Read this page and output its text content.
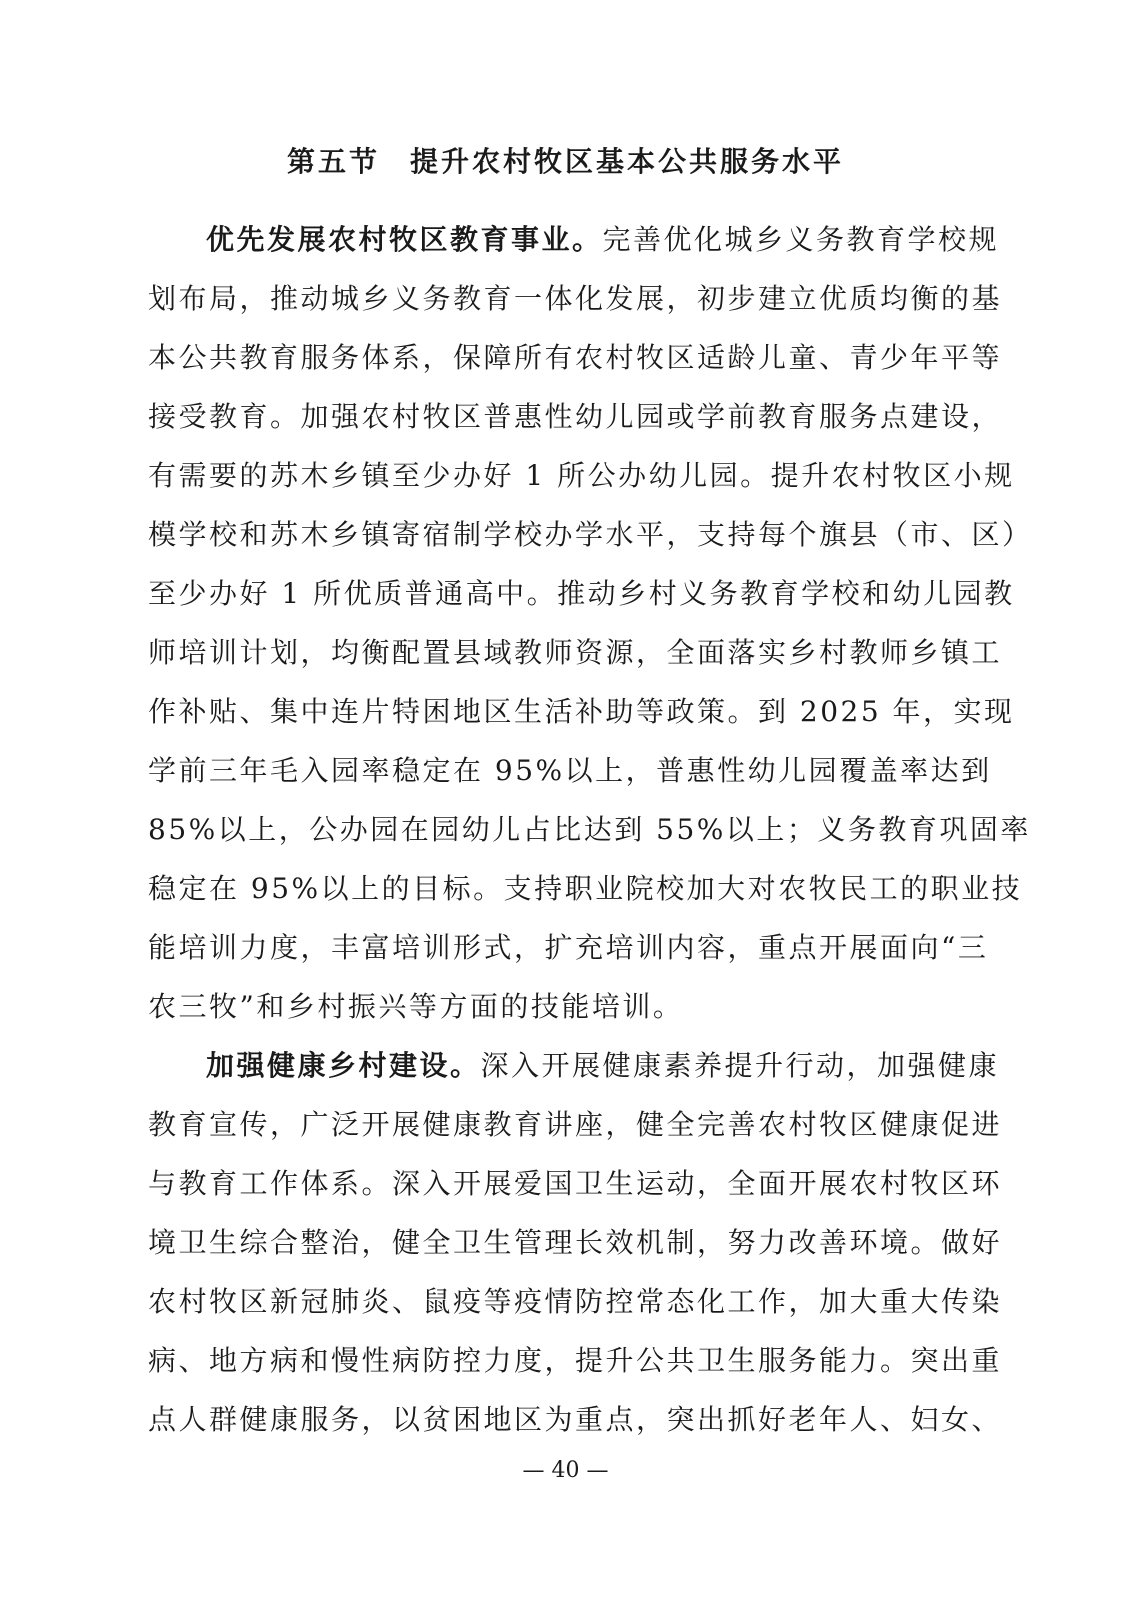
第五节 提升农村牧区基本公共服务水平
优先发展农村牧区教育事业。完善优化城乡义务教育学校规
划布局，推动城乡义务教育一体化发展，初步建立优质均衡的基
本公共教育服务体系，保障所有农村牧区适龄儿童、青少年平等
接受教育。加强农村牧区普惠性幼儿园或学前教育服务点建设，
有需要的苏木乡镇至少办好 1 所公办幼儿园。提升农村牧区小规
模学校和苏木乡镇寄宿制学校办学水平，支持每个旗县（市、区）
至少办好 1 所优质普通高中。推动乡村义务教育学校和幼儿园教
师培训计划，均衡配置县域教师资源，全面落实乡村教师乡镇工
作补贴、集中连片特困地区生活补助等政策。到 2025 年，实现
学前三年毛入园率稳定在 95%以上，普惠性幼儿园覆盖率达到
85%以上，公办园在园幼儿占比达到 55%以上；义务教育巩固率
稳定在 95%以上的目标。支持职业院校加大对农牧民工的职业技
能培训力度，丰富培训形式，扩充培训内容，重点开展面向“三
农三牧”和乡村振兴等方面的技能培训。
加强健康乡村建设。深入开展健康素养提升行动，加强健康
教育宣传，广泛开展健康教育讲座，健全完善农村牧区健康促进
与教育工作体系。深入开展爱国卫生运动，全面开展农村牧区环
境卫生综合整治，健全卫生管理长效机制，努力改善环境。做好
农村牧区新冠肺炎、鼠疫等疫情防控常态化工作，加大重大传染
病、地方病和慢性病防控力度，提升公共卫生服务能力。突出重
点人群健康服务，以贫困地区为重点，突出抓好老年人、妇女、
— 40 —
